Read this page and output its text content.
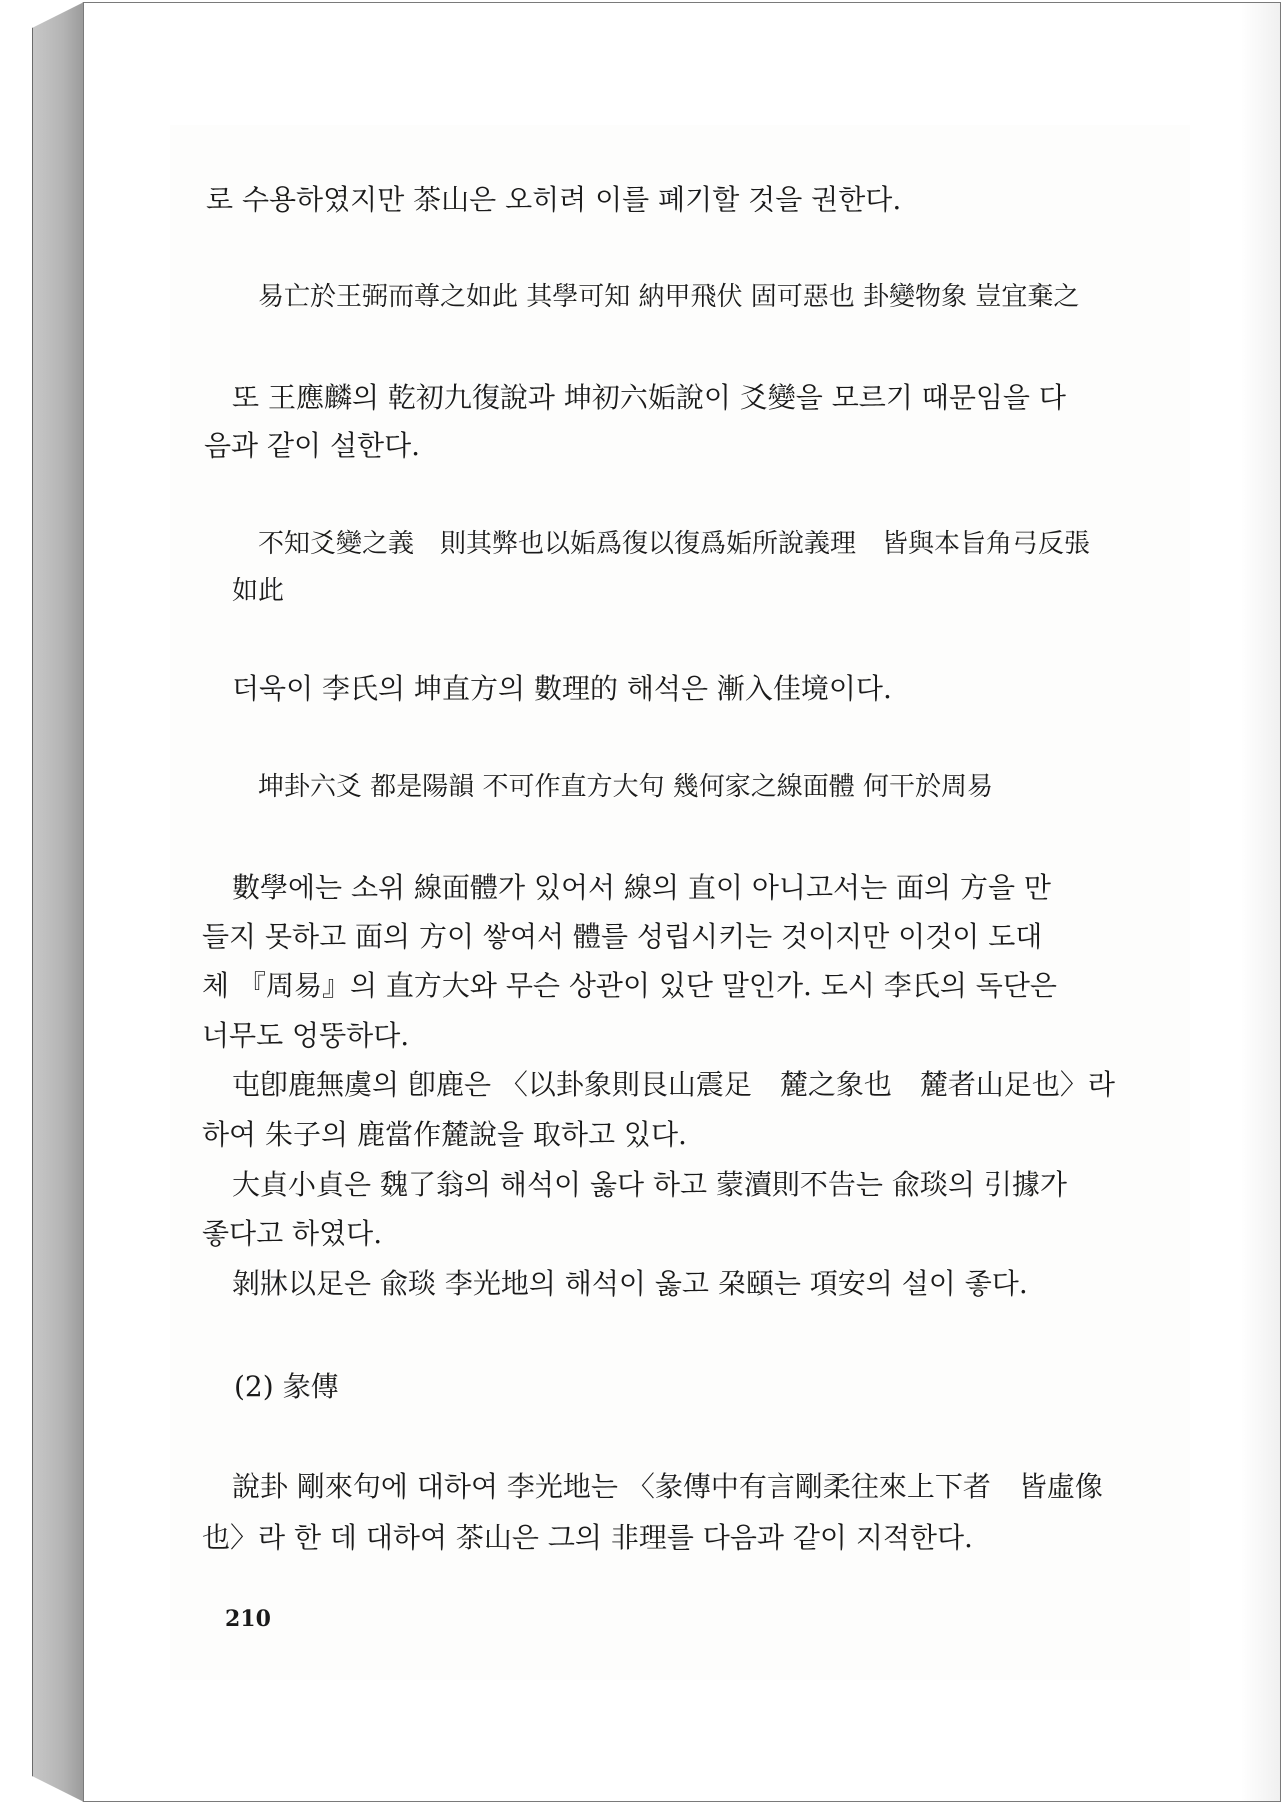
로 수용하였지만 茶山은 오히려 이를 폐기할 것을 권한다.
易亡於王弼而尊之如此 其學可知 納甲飛伏 固可惡也 卦變物象 豈宜棄之
또 王應麟의 乾初九復說과 坤初六姤說이 爻變을 모르기 때문임을 다
음과 같이 설한다.
不知爻變之義　則其弊也以姤爲復以復爲姤所說義理　皆與本旨角弓反張
如此
더욱이 李氏의 坤直方의 數理的 해석은 漸入佳境이다.
坤卦六爻 都是陽韻 不可作直方大句 幾何家之線面體 何干於周易
數學에는 소위 線面體가 있어서 線의 直이 아니고서는 面의 方을 만
들지 못하고 面의 方이 쌓여서 體를 성립시키는 것이지만 이것이 도대
체 『周易』의 直方大와 무슨 상관이 있단 말인가. 도시 李氏의 독단은
너무도 엉뚱하다.
屯卽鹿無虞의 卽鹿은 〈以卦象則艮山震足　麓之象也　麓者山足也〉라
하여 朱子의 鹿當作麓說을 取하고 있다.
大貞小貞은 魏了翁의 해석이 옳다 하고 蒙瀆則不告는 兪琰의 引據가
좋다고 하였다.
剝牀以足은 兪琰 李光地의 해석이 옳고 朶頤는 項安의 설이 좋다.
(2) 彖傳
說卦 剛來句에 대하여 李光地는 〈彖傳中有言剛柔往來上下者　皆虛像
也〉라 한 데 대하여 茶山은 그의 非理를 다음과 같이 지적한다.
210
